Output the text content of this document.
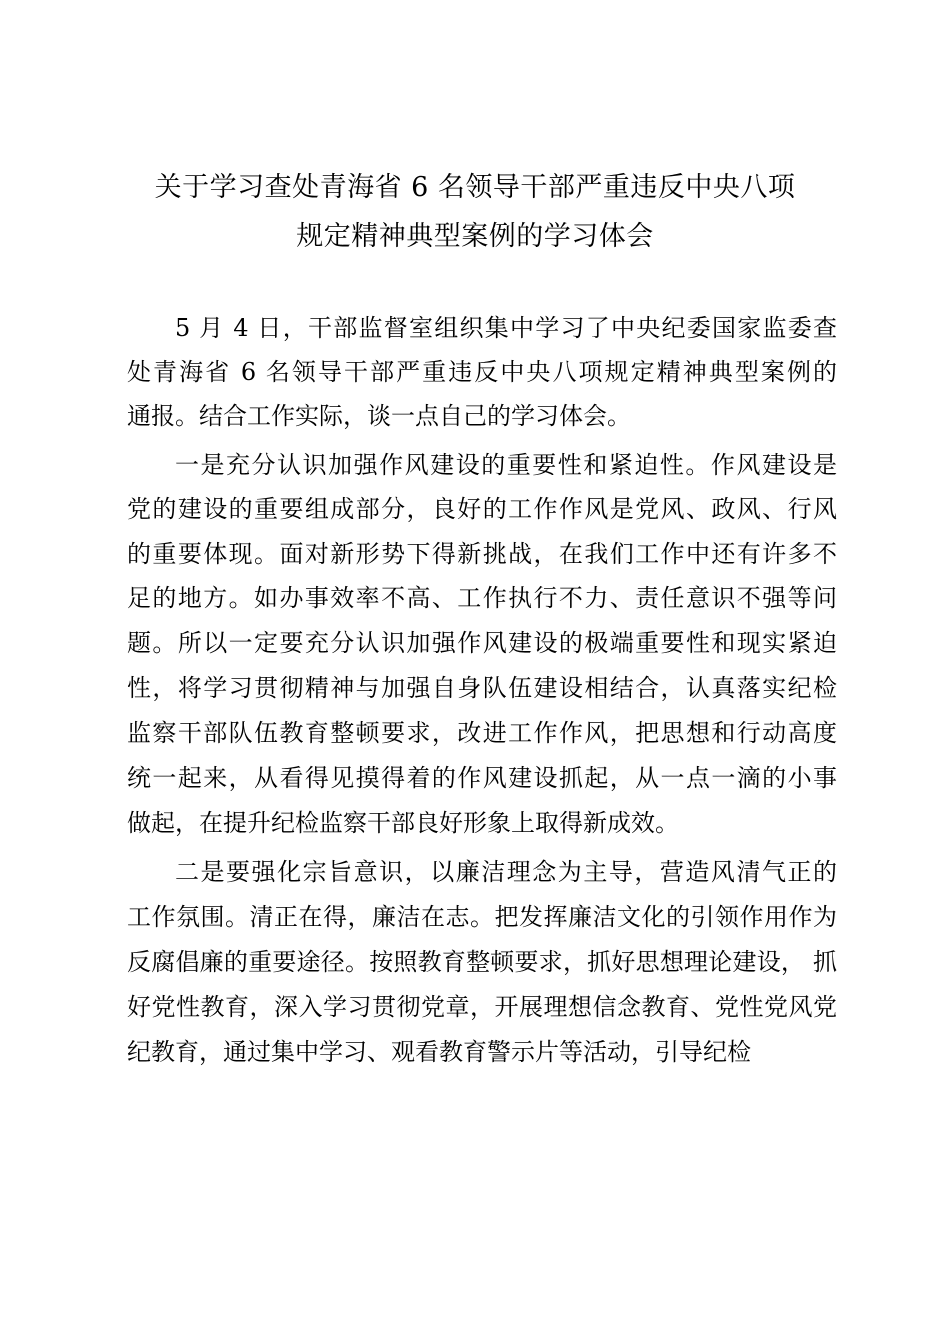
关于学习查处青海省 6 名领导干部严重违反中央八项
规定精神典型案例的学习体会
5 月 4 日，干部监督室组织集中学习了中央纪委国家监委查
处青海省 6 名领导干部严重违反中央八项规定精神典型案例的
通报。结合工作实际，谈一点自己的学习体会。
一是充分认识加强作风建设的重要性和紧迫性。作风建设是
党的建设的重要组成部分，良好的工作作风是党风、政风、行风
的重要体现。面对新形势下得新挑战，在我们工作中还有许多不
足的地方。如办事效率不高、工作执行不力、责任意识不强等问
题。所以一定要充分认识加强作风建设的极端重要性和现实紧迫
性，将学习贯彻精神与加强自身队伍建设相结合，认真落实纪检
监察干部队伍教育整顿要求，改进工作作风，把思想和行动高度
统一起来，从看得见摸得着的作风建设抓起，从一点一滴的小事
做起，在提升纪检监察干部良好形象上取得新成效。
二是要强化宗旨意识，以廉洁理念为主导，营造风清气正的
工作氛围。清正在得，廉洁在志。把发挥廉洁文化的引领作用作为
反腐倡廉的重要途径。按照教育整顿要求，抓好思想理论建设， 抓
好党性教育，深入学习贯彻党章，开展理想信念教育、党性党风党
纪教育，通过集中学习、观看教育警示片等活动，引导纪检
